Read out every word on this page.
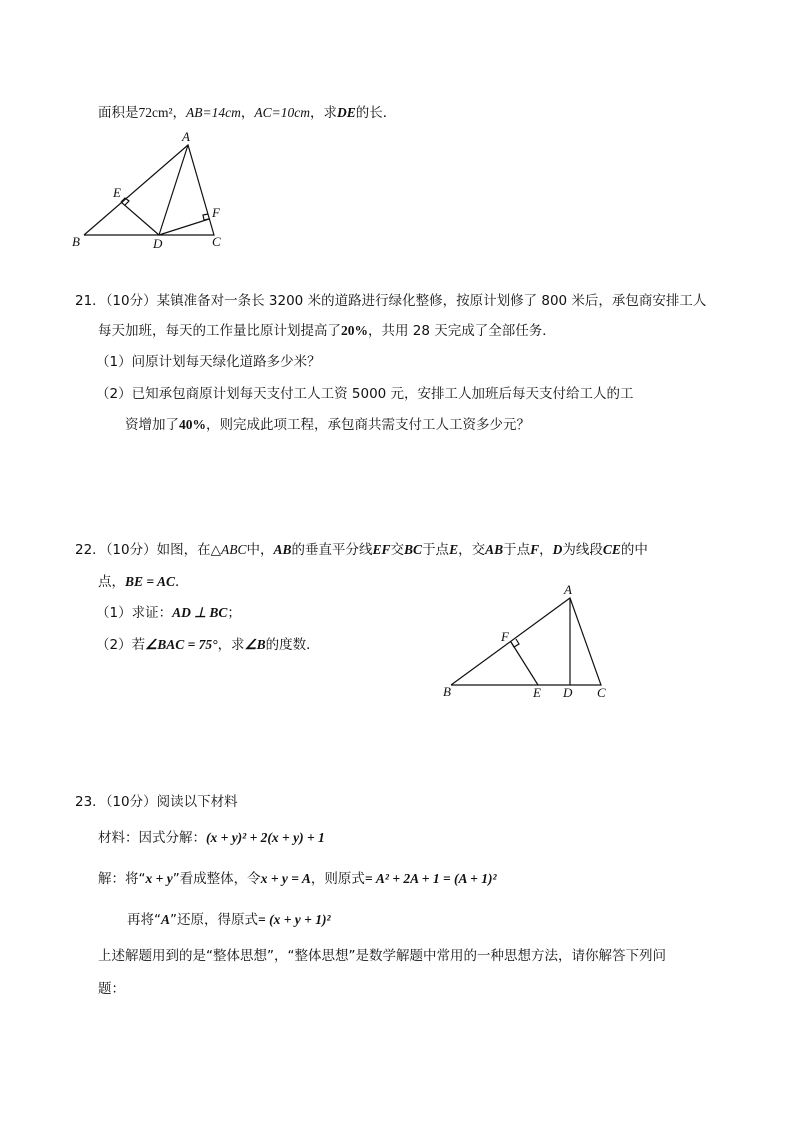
面积是72cm²，AB=14cm，AC=10cm，求DE的长．
A
B	C
D
E
F
21．（10分）某镇准备对一条长 3200 米的道路进行绿化整修，按原计划修了 800 米后，承包商安排工人
每天加班，每天的工作量比原计划提高了20%，共用 28 天完成了全部任务．
（1）问原计划每天绿化道路多少米？
（2）已知承包商原计划每天支付工人工资 5000 元，安排工人加班后每天支付给工人的工
资增加了40%，则完成此项工程，承包商共需支付工人工资多少元？
22．（10分）如图，在△ABC中，AB的垂直平分线EF交BC于点E，交AB于点F，D为线段CE的中
点，BE = AC．
（1）求证：AD ⊥ BC；
（2）若∠BAC = 75°，求∠B的度数．
A
B	C
D
E
F
23．（10分）阅读以下材料
材料：因式分解：(x + y)² + 2(x + y) + 1
解：将“x + y”看成整体，令x + y = A，则原式= A² + 2A + 1 = (A + 1)²
再将“A”还原，得原式= (x + y + 1)²
上述解题用到的是“整体思想”，“整体思想”是数学解题中常用的一种思想方法，请你解答下列问
题：
